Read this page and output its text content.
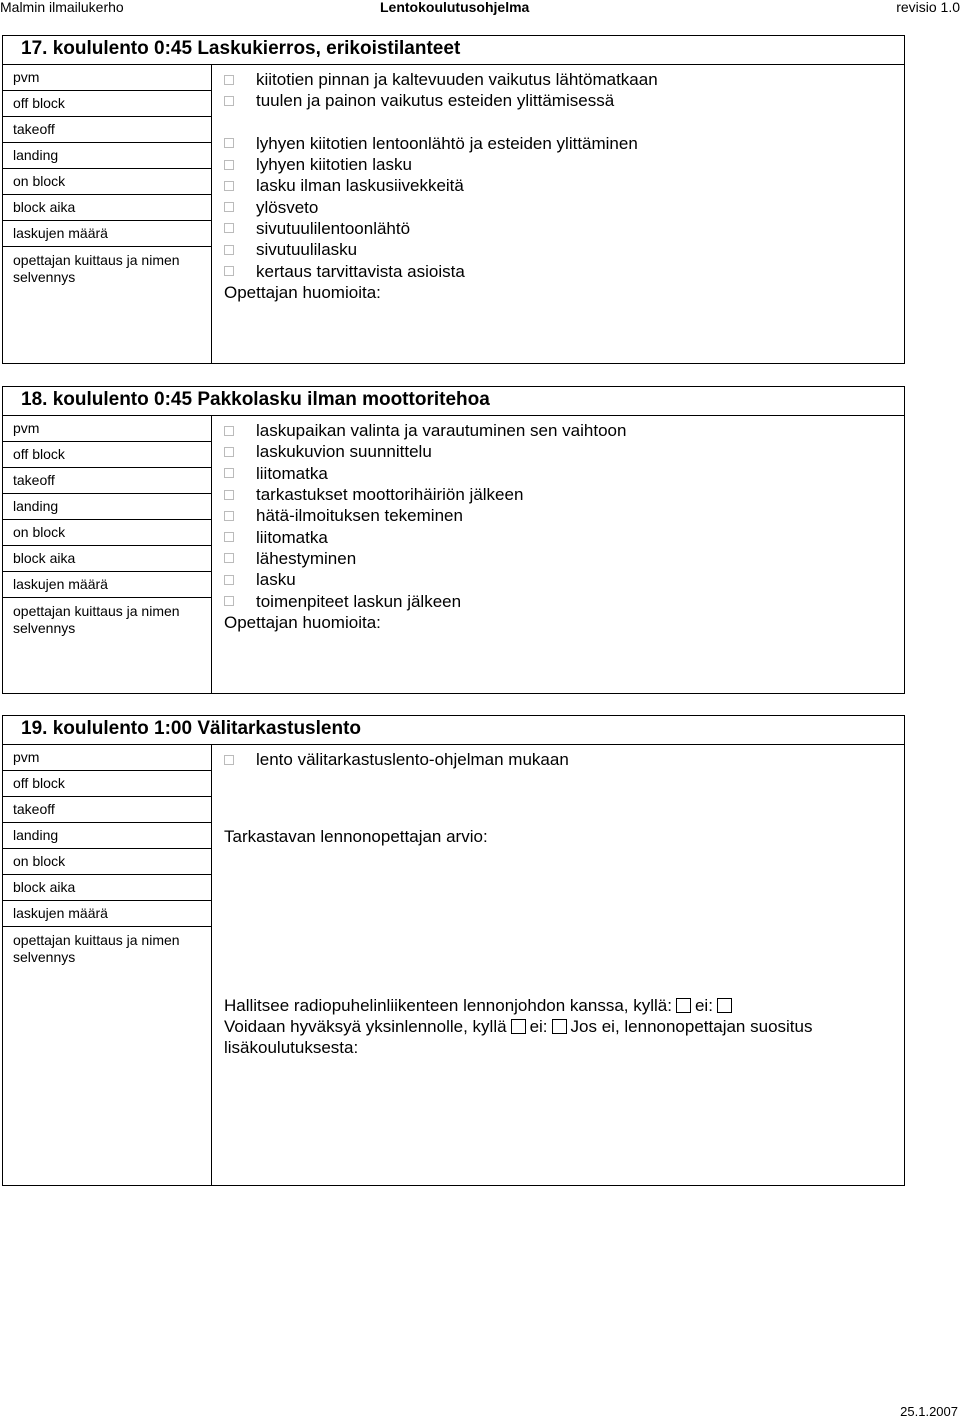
Malmin ilmailukerho	Lentokoulutusohjelma	revisio 1.0
17. koululento 0:45 Laskukierros, erikoistilanteet
pvm
off block
takeoff
landing
on block
block aika
laskujen määrä
opettajan kuittaus ja nimen selvennys
kiitotien pinnan ja kaltevuuden vaikutus lähtömatkaan
tuulen ja painon vaikutus esteiden ylittämisessä
lyhyen kiitotien lentoonlähtö ja esteiden ylittäminen
lyhyen kiitotien lasku
lasku ilman laskusiivekkeitä
ylösveto
sivutuulilentoonlähtö
sivutuulilasku
kertaus tarvittavista asioista
Opettajan huomioita:
18. koululento 0:45 Pakkolasku ilman moottoritehoa
pvm
off block
takeoff
landing
on block
block aika
laskujen määrä
opettajan kuittaus ja nimen selvennys
laskupaikan valinta ja varautuminen sen vaihtoon
laskukuvion suunnittelu
liitomatka
tarkastukset moottorihäiriön jälkeen
hätä-ilmoituksen tekeminen
liitomatka
lähestyminen
lasku
toimenpiteet laskun jälkeen
Opettajan huomioita:
19. koululento 1:00 Välitarkastuslento
pvm
off block
takeoff
landing
on block
block aika
laskujen määrä
opettajan kuittaus ja nimen selvennys
lento välitarkastuslento-ohjelman mukaan
Tarkastavan lennonopettajan arvio:
Hallitsee radiopuhelinliikenteen lennonjohdon kanssa, kyllä: ei:
Voidaan hyväksyä yksinlennolle, kyllä ei: Jos ei, lennonopettajan suositus lisäkoulutuksesta:
25.1.2007
